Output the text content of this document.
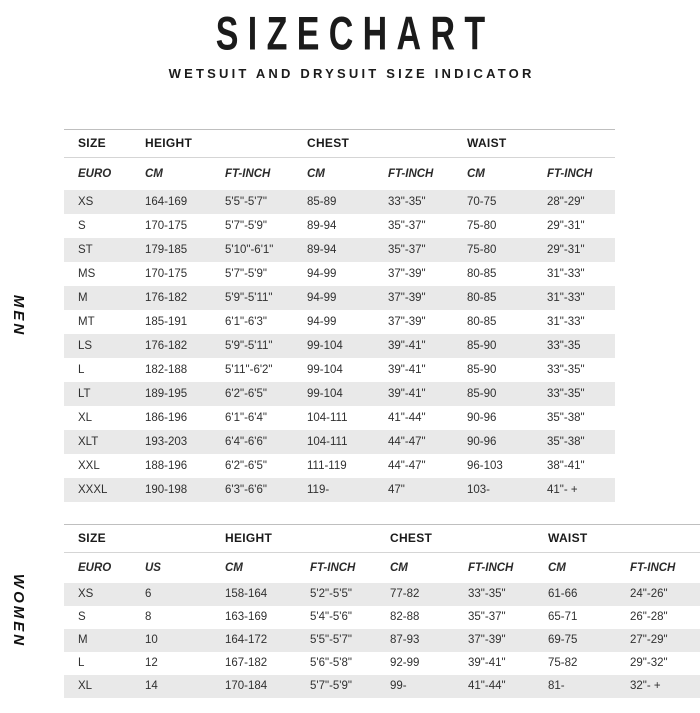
SIZECHART
WETSUIT AND DRYSUIT SIZE INDICATOR
MEN
SIZE	HEIGHT	CHEST	WAIST
EURO	CM	FT-INCH	CM	FT-INCH	CM	FT-INCH
XS	164-169	5'5"-5'7"	85-89	33"-35"	70-75	28"-29"
S	170-175	5'7"-5'9"	89-94	35"-37"	75-80	29"-31"
ST	179-185	5'10"-6'1"	89-94	35"-37"	75-80	29"-31"
MS	170-175	5'7"-5'9"	94-99	37"-39"	80-85	31"-33"
M	176-182	5'9"-5'11"	94-99	37"-39"	80-85	31"-33"
MT	185-191	6'1"-6'3"	94-99	37"-39"	80-85	31"-33"
LS	176-182	5'9"-5'11"	99-104	39"-41"	85-90	33"-35
L	182-188	5'11"-6'2"	99-104	39"-41"	85-90	33"-35"
LT	189-195	6'2"-6'5"	99-104	39"-41"	85-90	33"-35"
XL	186-196	6'1"-6'4"	104-111	41"-44"	90-96	35"-38"
XLT	193-203	6'4"-6'6"	104-111	44"-47"	90-96	35"-38"
XXL	188-196	6'2"-6'5"	111-119	44"-47"	96-103	38"-41"
XXXL	190-198	6'3"-6'6"	119-	47"	103-	41"- +
WOMEN
SIZE	HEIGHT	CHEST	WAIST
EURO	US	CM	FT-INCH	CM	FT-INCH	CM	FT-INCH
XS	6	158-164	5'2"-5'5"	77-82	33"-35"	61-66	24"-26"
S	8	163-169	5'4"-5'6"	82-88	35"-37"	65-71	26"-28"
M	10	164-172	5'5"-5'7"	87-93	37"-39"	69-75	27"-29"
L	12	167-182	5'6"-5'8"	92-99	39"-41"	75-82	29"-32"
XL	14	170-184	5'7"-5'9"	99-	41"-44"	81-	32"- +
